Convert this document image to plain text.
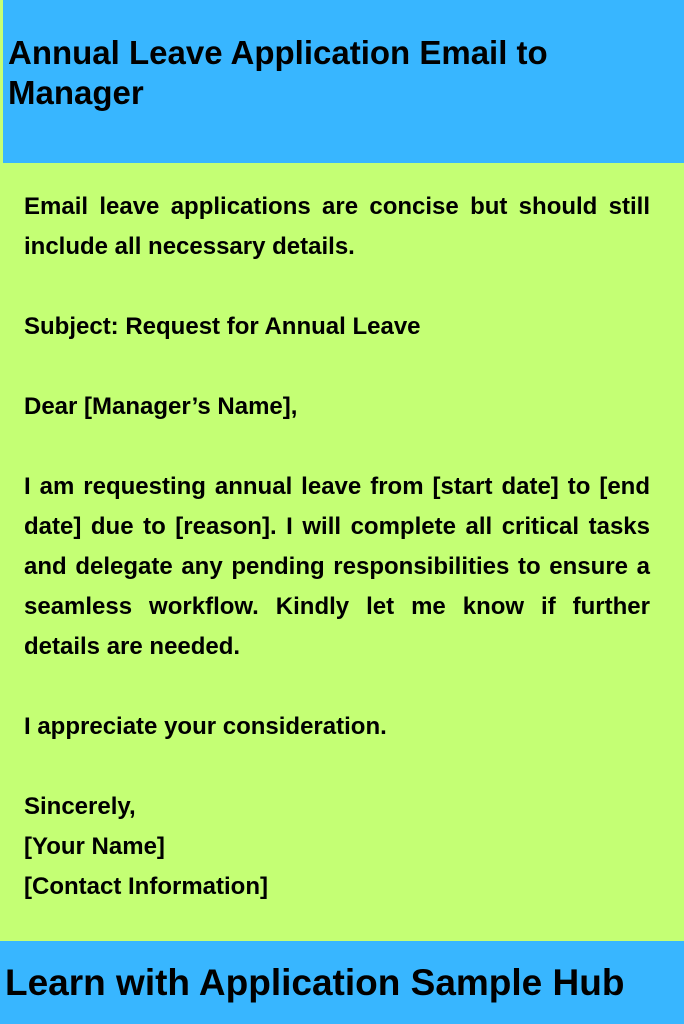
Annual Leave Application Email to Manager

Email leave applications are concise but should still include all necessary details.

Subject: Request for Annual Leave

Dear [Manager’s Name],

I am requesting annual leave from [start date] to [end date] due to [reason]. I will complete all critical tasks and delegate any pending responsibilities to ensure a seamless workflow. Kindly let me know if further details are needed.

I appreciate your consideration.

Sincerely,
[Your Name]
[Contact Information]

Learn with Application Sample Hub
